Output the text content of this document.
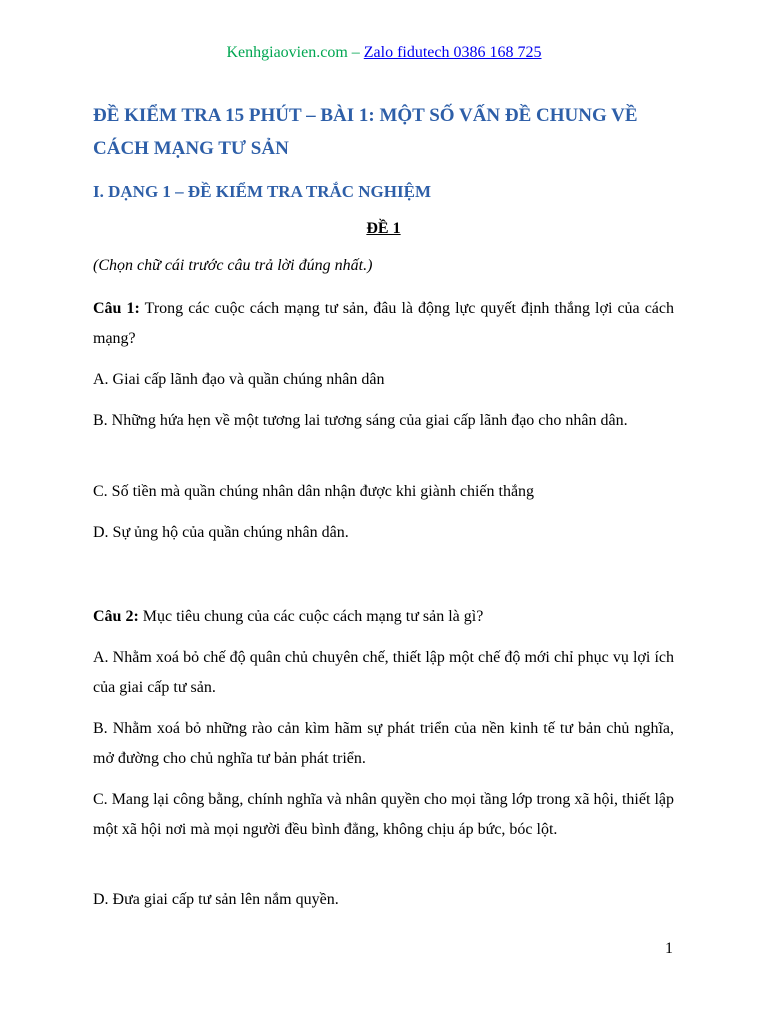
Kenhgiaovien.com – Zalo fidutech 0386 168 725
ĐỀ KIỂM TRA 15 PHÚT – BÀI 1: MỘT SỐ VẤN ĐỀ CHUNG VỀ CÁCH MẠNG TƯ SẢN
I. DẠNG 1 – ĐỀ KIỂM TRA TRẮC NGHIỆM
ĐỀ 1
(Chọn chữ cái trước câu trả lời đúng nhất.)
Câu 1: Trong các cuộc cách mạng tư sản, đâu là động lực quyết định thắng lợi của cách mạng?
A. Giai cấp lãnh đạo và quần chúng nhân dân
B. Những hứa hẹn về một tương lai tương sáng của giai cấp lãnh đạo cho nhân dân.
C. Số tiền mà quần chúng nhân dân nhận được khi giành chiến thắng
D. Sự ủng hộ của quần chúng nhân dân.
Câu 2: Mục tiêu chung của các cuộc cách mạng tư sản là gì?
A. Nhằm xoá bỏ chế độ quân chủ chuyên chế, thiết lập một chế độ mới chỉ phục vụ lợi ích của giai cấp tư sản.
B. Nhằm xoá bỏ những rào cản kìm hãm sự phát triển của nền kinh tế tư bản chủ nghĩa, mở đường cho chủ nghĩa tư bản phát triển.
C. Mang lại công bằng, chính nghĩa và nhân quyền cho mọi tầng lớp trong xã hội, thiết lập một xã hội nơi mà mọi người đều bình đẳng, không chịu áp bức, bóc lột.
D. Đưa giai cấp tư sản lên nắm quyền.
1
